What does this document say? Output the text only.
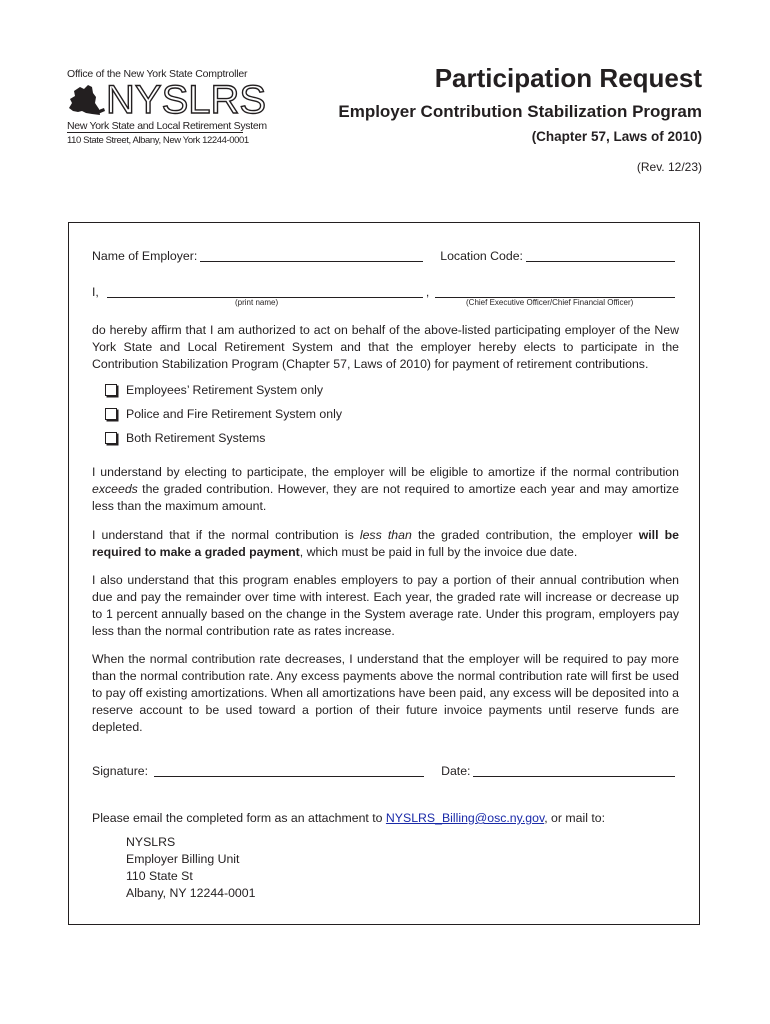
Office of the New York State Comptroller
NYSLRS
New York State and Local Retirement System
110 State Street, Albany, New York 12244-0001
Participation Request
Employer Contribution Stabilization Program
(Chapter 57, Laws of 2010)
(Rev. 12/23)
Name of Employer:	Location Code:
I,	,
(print name)	(Chief Executive Officer/Chief Financial Officer)

do hereby affirm that I am authorized to act on behalf of the above-listed participating employer of the New York State and Local Retirement System and that the employer hereby elects to participate in the Contribution Stabilization Program (Chapter 57, Laws of 2010) for payment of retirement contributions.

Employees’ Retirement System only
Police and Fire Retirement System only
Both Retirement Systems

I understand by electing to participate, the employer will be eligible to amortize if the normal contribution exceeds the graded contribution. However, they are not required to amortize each year and may amortize less than the maximum amount.

I understand that if the normal contribution is less than the graded contribution, the employer will be required to make a graded payment, which must be paid in full by the invoice due date.

I also understand that this program enables employers to pay a portion of their annual contribution when due and pay the remainder over time with interest. Each year, the graded rate will increase or decrease up to 1 percent annually based on the change in the System average rate. Under this program, employers pay less than the normal contribution rate as rates increase.

When the normal contribution rate decreases, I understand that the employer will be required to pay more than the normal contribution rate. Any excess payments above the normal contribution rate will first be used to pay off existing amortizations. When all amortizations have been paid, any excess will be deposited into a reserve account to be used toward a portion of their future invoice payments until reserve funds are depleted.

Signature:	Date:
Please email the completed form as an attachment to NYSLRS_Billing@osc.ny.gov, or mail to:
NYSLRS
Employer Billing Unit
110 State St
Albany, NY 12244-0001
